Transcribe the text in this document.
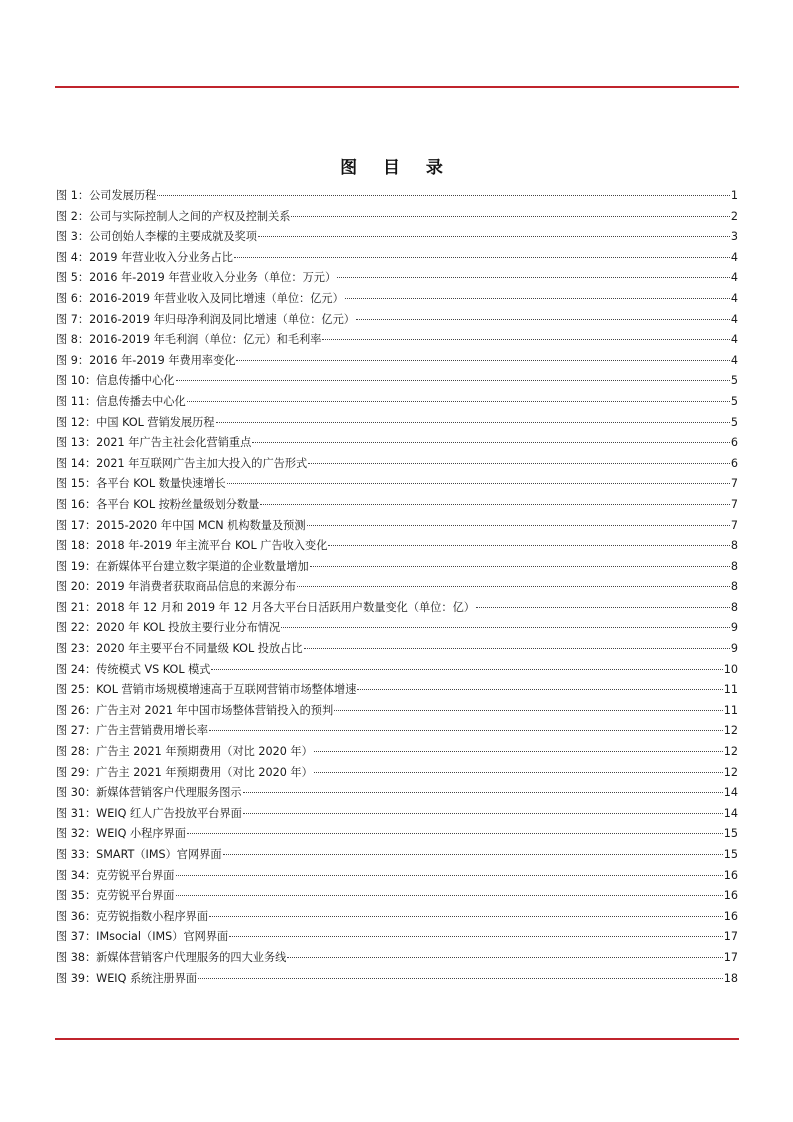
图 目 录
图 1： 公司发展历程	1
图 2： 公司与实际控制人之间的产权及控制关系	2
图 3： 公司创始人李檬的主要成就及奖项	3
图 4： 2019 年营业收入分业务占比	4
图 5： 2016 年-2019 年营业收入分业务（单位：万元）	4
图 6： 2016-2019 年营业收入及同比增速（单位：亿元）	4
图 7： 2016-2019 年归母净利润及同比增速（单位：亿元）	4
图 8： 2016-2019 年毛利润（单位：亿元）和毛利率	4
图 9： 2016 年-2019 年费用率变化	4
图 10： 信息传播中心化	5
图 11： 信息传播去中心化	5
图 12： 中国 KOL 营销发展历程	5
图 13： 2021 年广告主社会化营销重点	6
图 14： 2021 年互联网广告主加大投入的广告形式	6
图 15： 各平台 KOL 数量快速增长	7
图 16： 各平台 KOL 按粉丝量级划分数量	7
图 17： 2015-2020 年中国 MCN 机构数量及预测	7
图 18： 2018 年-2019 年主流平台 KOL 广告收入变化	8
图 19： 在新媒体平台建立数字渠道的企业数量增加	8
图 20： 2019 年消费者获取商品信息的来源分布	8
图 21： 2018 年 12 月和 2019 年 12 月各大平台日活跃用户数量变化（单位：亿）	8
图 22： 2020 年 KOL 投放主要行业分布情况	9
图 23： 2020 年主要平台不同量级 KOL 投放占比	9
图 24： 传统模式 VS KOL 模式	10
图 25： KOL 营销市场规模增速高于互联网营销市场整体增速	11
图 26： 广告主对 2021 年中国市场整体营销投入的预判	11
图 27： 广告主营销费用增长率	12
图 28： 广告主 2021 年预期费用（对比 2020 年）	12
图 29： 广告主 2021 年预期费用（对比 2020 年）	12
图 30： 新媒体营销客户代理服务图示	14
图 31： WEIQ 红人广告投放平台界面	14
图 32： WEIQ 小程序界面	15
图 33： SMART（IMS）官网界面	15
图 34： 克劳锐平台界面	16
图 35： 克劳锐平台界面	16
图 36： 克劳锐指数小程序界面	16
图 37： IMsocial（IMS）官网界面	17
图 38： 新媒体营销客户代理服务的四大业务线	17
图 39： WEIQ 系统注册界面	18
